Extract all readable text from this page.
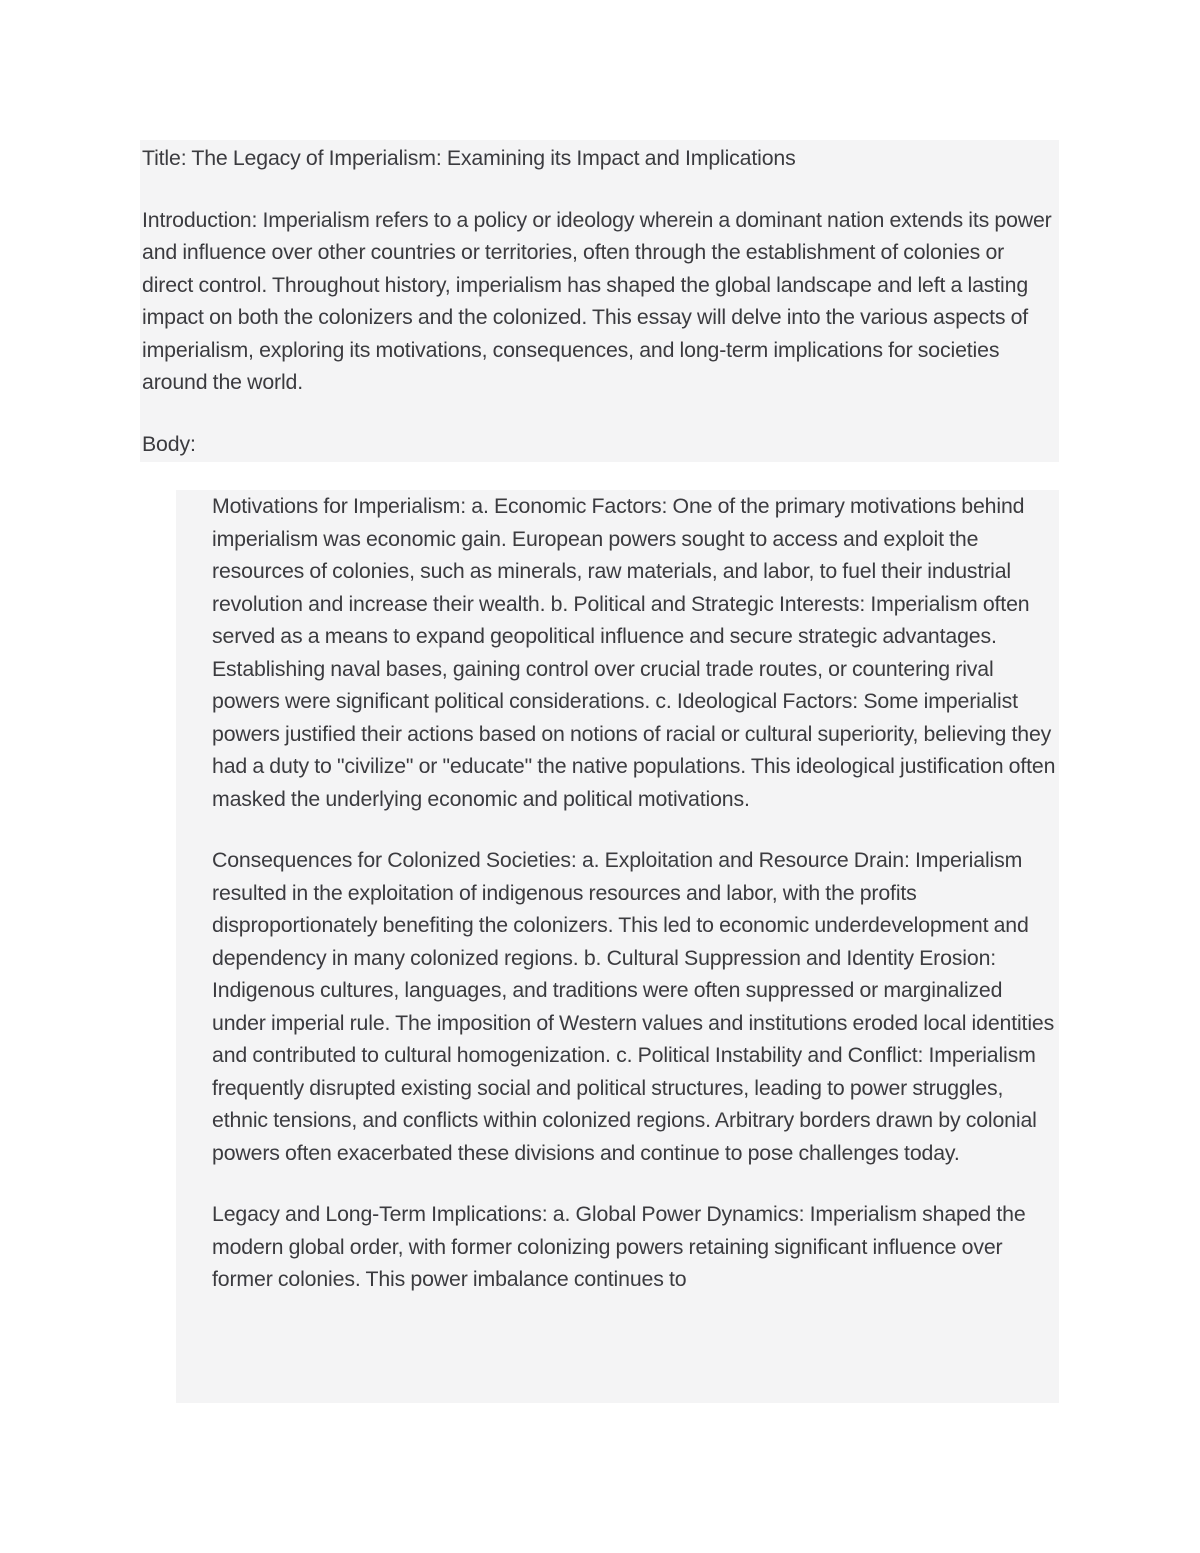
Title: The Legacy of Imperialism: Examining its Impact and Implications

Introduction: Imperialism refers to a policy or ideology wherein a dominant nation extends its power and influence over other countries or territories, often through the establishment of colonies or direct control. Throughout history, imperialism has shaped the global landscape and left a lasting impact on both the colonizers and the colonized. This essay will delve into the various aspects of imperialism, exploring its motivations, consequences, and long-term implications for societies around the world.

Body:

Motivations for Imperialism: a. Economic Factors: One of the primary motivations behind imperialism was economic gain. European powers sought to access and exploit the resources of colonies, such as minerals, raw materials, and labor, to fuel their industrial revolution and increase their wealth. b. Political and Strategic Interests: Imperialism often served as a means to expand geopolitical influence and secure strategic advantages. Establishing naval bases, gaining control over crucial trade routes, or countering rival powers were significant political considerations. c. Ideological Factors: Some imperialist powers justified their actions based on notions of racial or cultural superiority, believing they had a duty to "civilize" or "educate" the native populations. This ideological justification often masked the underlying economic and political motivations.

Consequences for Colonized Societies: a. Exploitation and Resource Drain: Imperialism resulted in the exploitation of indigenous resources and labor, with the profits disproportionately benefiting the colonizers. This led to economic underdevelopment and dependency in many colonized regions. b. Cultural Suppression and Identity Erosion: Indigenous cultures, languages, and traditions were often suppressed or marginalized under imperial rule. The imposition of Western values and institutions eroded local identities and contributed to cultural homogenization. c. Political Instability and Conflict: Imperialism frequently disrupted existing social and political structures, leading to power struggles, ethnic tensions, and conflicts within colonized regions. Arbitrary borders drawn by colonial powers often exacerbated these divisions and continue to pose challenges today.

Legacy and Long-Term Implications: a. Global Power Dynamics: Imperialism shaped the modern global order, with former colonizing powers retaining significant influence over former colonies. This power imbalance continues to
